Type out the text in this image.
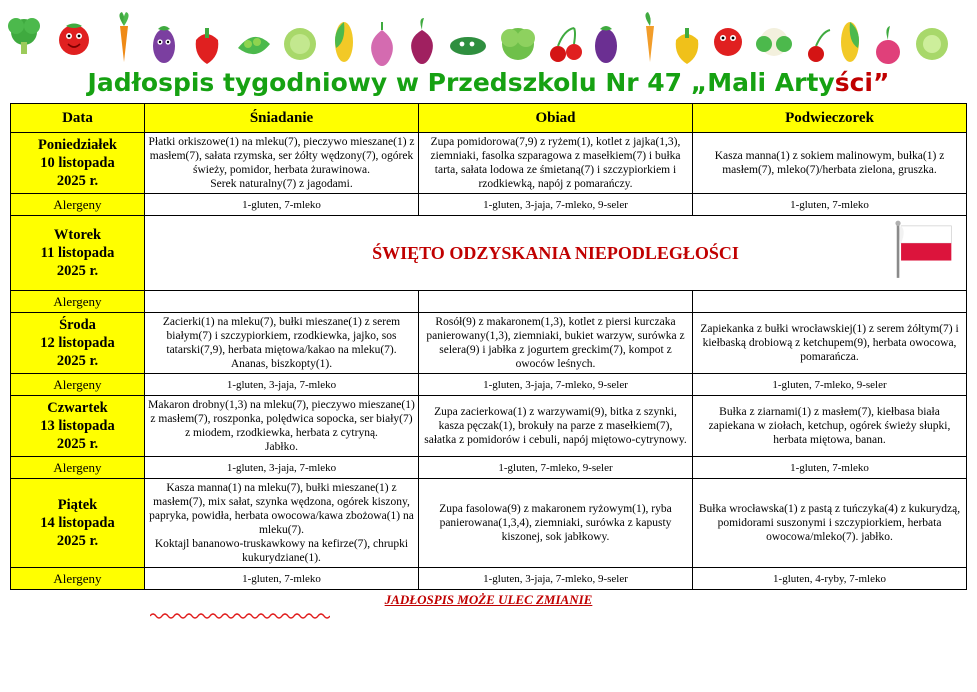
Jadłospis tygodniowy w Przedszkolu Nr 47 „Mali Artyści”
Data	Śniadanie	Obiad	Podwieczorek
Poniedziałek
10 listopada
2025 r.	Płatki orkiszowe(1) na mleku(7), pieczywo mieszane(1) z masłem(7), sałata rzymska, ser żółty wędzony(7), ogórek świeży, pomidor, herbata żurawinowa.
Serek naturalny(7) z jagodami.	Zupa pomidorowa(7,9) z ryżem(1), kotlet z jajka(1,3), ziemniaki, fasolka szparagowa z masełkiem(7) i bułka tarta, sałata lodowa ze śmietaną(7) i szczypiorkiem i rzodkiewką, napój z pomarańczy.	Kasza manna(1) z sokiem malinowym, bułka(1) z masłem(7), mleko(7)/herbata zielona, gruszka.
Alergeny	1-gluten, 7-mleko	1-gluten, 3-jaja, 7-mleko, 9-seler	1-gluten, 7-mleko
Wtorek
11 listopada
2025 r.	ŚWIĘTO ODZYSKANIA NIEPODLEGŁOŚCI		

Alergeny			
Środa
12 listopada
2025 r.	Zacierki(1) na mleku(7), bułki mieszane(1) z serem białym(7) i szczypiorkiem, rzodkiewka, jajko, sos tatarski(7,9), herbata miętowa/kakao na mleku(7).
Ananas, biszkopty(1).	Rosół(9) z makaronem(1,3), kotlet z piersi kurczaka panierowany(1,3), ziemniaki, bukiet warzyw, surówka z selera(9) i jabłka z jogurtem greckim(7), kompot z owoców leśnych.	Zapiekanka z bułki wrocławskiej(1) z serem żółtym(7) i kiełbaską drobiową z ketchupem(9), herbata owocowa, pomarańcza.
Alergeny	1-gluten, 3-jaja, 7-mleko	1-gluten, 3-jaja, 7-mleko, 9-seler	1-gluten, 7-mleko, 9-seler
Czwartek
13 listopada
2025 r.	Makaron drobny(1,3) na mleku(7), pieczywo mieszane(1) z masłem(7), roszponka, polędwica sopocka, ser biały(7) z miodem, rzodkiewka, herbata z cytryną.
Jabłko.	Zupa zacierkowa(1) z warzywami(9), bitka z szynki, kasza pęczak(1), brokuły na parze z masełkiem(7), sałatka z pomidorów i cebuli, napój miętowo-cytrynowy.	Bułka z ziarnami(1) z masłem(7), kiełbasa biała zapiekana w ziołach, ketchup, ogórek świeży słupki, herbata miętowa, banan.
Alergeny	1-gluten, 3-jaja, 7-mleko	1-gluten, 7-mleko, 9-seler	1-gluten, 7-mleko
Piątek
14 listopada
2025 r.	Kasza manna(1) na mleku(7), bułki mieszane(1) z masłem(7), mix sałat, szynka wędzona, ogórek kiszony, papryka, powidła, herbata owocowa/kawa zbożowa(1) na mleku(7).
Koktajl bananowo-truskawkowy na kefirze(7), chrupki kukurydziane(1).	Zupa fasolowa(9) z makaronem ryżowym(1), ryba panierowana(1,3,4), ziemniaki, surówka z kapusty kiszonej, sok jabłkowy.	Bułka wrocławska(1) z pastą z tuńczyka(4) z kukurydzą, pomidorami suszonymi i szczypiorkiem, herbata owocowa/mleko(7). jabłko.
Alergeny	1-gluten, 7-mleko	1-gluten, 3-jaja, 7-mleko, 9-seler	1-gluten, 4-ryby, 7-mleko
JADŁOSPIS MOŻE ULEC ZMIANIE
